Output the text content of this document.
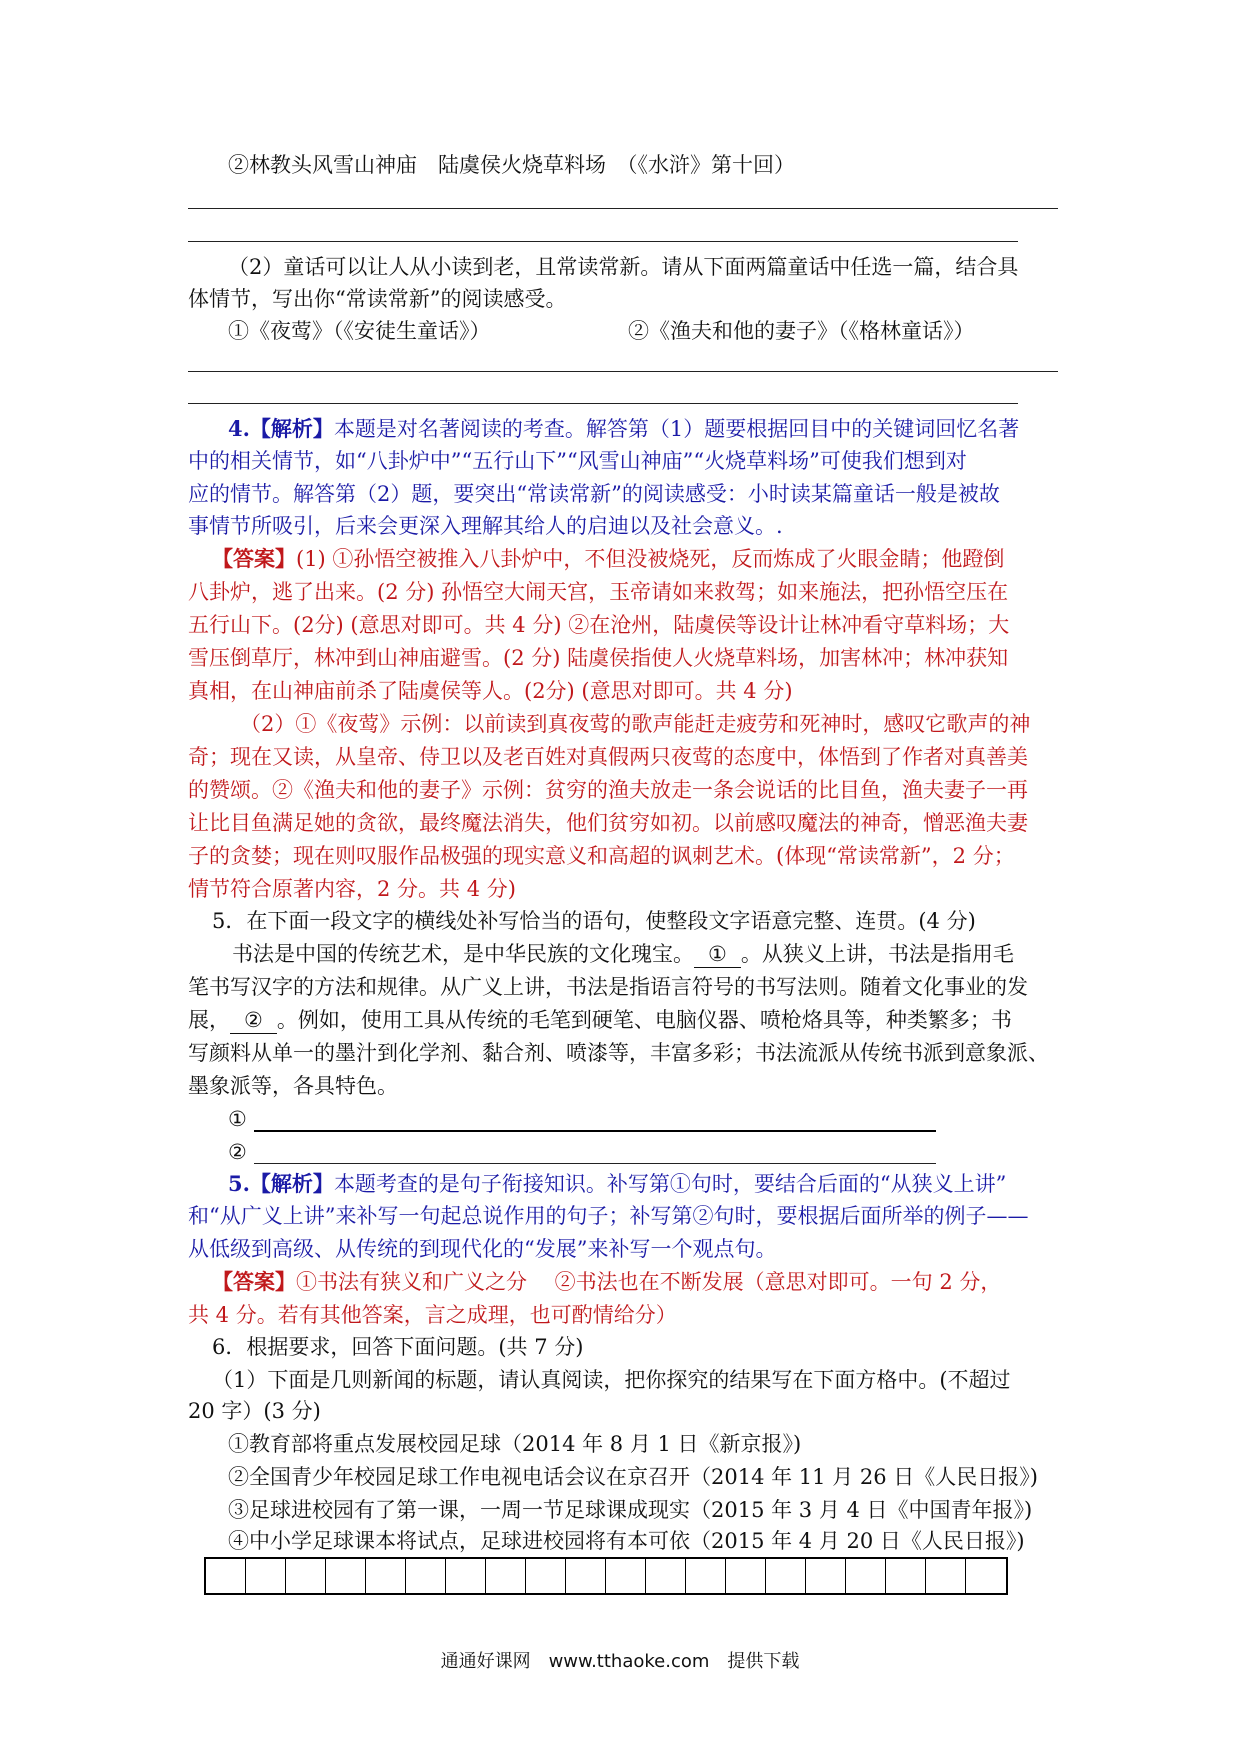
②林教头风雪山神庙　陆虞侯火烧草料场　（《水浒》第十回）
（2）童话可以让人从小读到老，且常读常新。请从下面两篇童话中任选一篇，结合具
体情节，写出你“常读常新”的阅读感受。
①《夜莺》（《安徒生童话》）	②《渔夫和他的妻子》（《格林童话》）
4.【解析】本题是对名著阅读的考查。解答第（1）题要根据回目中的关键词回忆名著
中的相关情节，如“八卦炉中”“五行山下”“风雪山神庙”“火烧草料场”可使我们想到对
应的情节。解答第（2）题，要突出“常读常新”的阅读感受：小时读某篇童话一般是被故
事情节所吸引，后来会更深入理解其给人的启迪以及社会意义。.
【答案】(1) ①孙悟空被推入八卦炉中，不但没被烧死，反而炼成了火眼金睛；他蹬倒
八卦炉，逃了出来。(2 分) 孙悟空大闹天宫，玉帝请如来救驾；如来施法，把孙悟空压在
五行山下。(2分) (意思对即可。共 4 分) ②在沧州，陆虞侯等设计让林冲看守草料场；大
雪压倒草厅，林冲到山神庙避雪。(2 分) 陆虞侯指使人火烧草料场，加害林冲；林冲获知
真相，在山神庙前杀了陆虞侯等人。(2分) (意思对即可。共 4 分)
（2）①《夜莺》示例：以前读到真夜莺的歌声能赶走疲劳和死神时，感叹它歌声的神
奇；现在又读，从皇帝、侍卫以及老百姓对真假两只夜莺的态度中，体悟到了作者对真善美
的赞颂。②《渔夫和他的妻子》示例：贫穷的渔夫放走一条会说话的比目鱼，渔夫妻子一再
让比目鱼满足她的贪欲，最终魔法消失，他们贫穷如初。以前感叹魔法的神奇，憎恶渔夫妻
子的贪婪；现在则叹服作品极强的现实意义和高超的讽刺艺术。(体现“常读常新”，2 分；
情节符合原著内容，2 分。共 4 分)
5．在下面一段文字的横线处补写恰当的语句，使整段文字语意完整、连贯。(4 分)
书法是中国的传统艺术，是中华民族的文化瑰宝。 ① 。从狭义上讲，书法是指用毛
笔书写汉字的方法和规律。从广义上讲，书法是指语言符号的书写法则。随着文化事业的发
展， ② 。例如，使用工具从传统的毛笔到硬笔、电脑仪器、喷枪烙具等，种类繁多；书
写颜料从单一的墨汁到化学剂、黏合剂、喷漆等，丰富多彩；书法流派从传统书派到意象派、
墨象派等，各具特色。
①
②
5.【解析】本题考查的是句子衔接知识。补写第①句时，要结合后面的“从狭义上讲”
和“从广义上讲”来补写一句起总说作用的句子；补写第②句时，要根据后面所举的例子——
从低级到高级、从传统的到现代化的“发展”来补写一个观点句。
【答案】①书法有狭义和广义之分　 ②书法也在不断发展（意思对即可。一句 2 分，
共 4 分。若有其他答案，言之成理，也可酌情给分）
6．根据要求，回答下面问题。(共 7 分)
（1）下面是几则新闻的标题，请认真阅读，把你探究的结果写在下面方格中。(不超过
20 字）(3 分)
①教育部将重点发展校园足球（2014 年 8 月 1 日《新京报》)
②全国青少年校园足球工作电视电话会议在京召开（2014 年 11 月 26 日《人民日报》)
③足球进校园有了第一课，一周一节足球课成现实（2015 年 3 月 4 日《中国青年报》)
④中小学足球课本将试点，足球进校园将有本可依（2015 年 4 月 20 日《人民日报》)
通通好课网　www.tthaoke.com　提供下载
